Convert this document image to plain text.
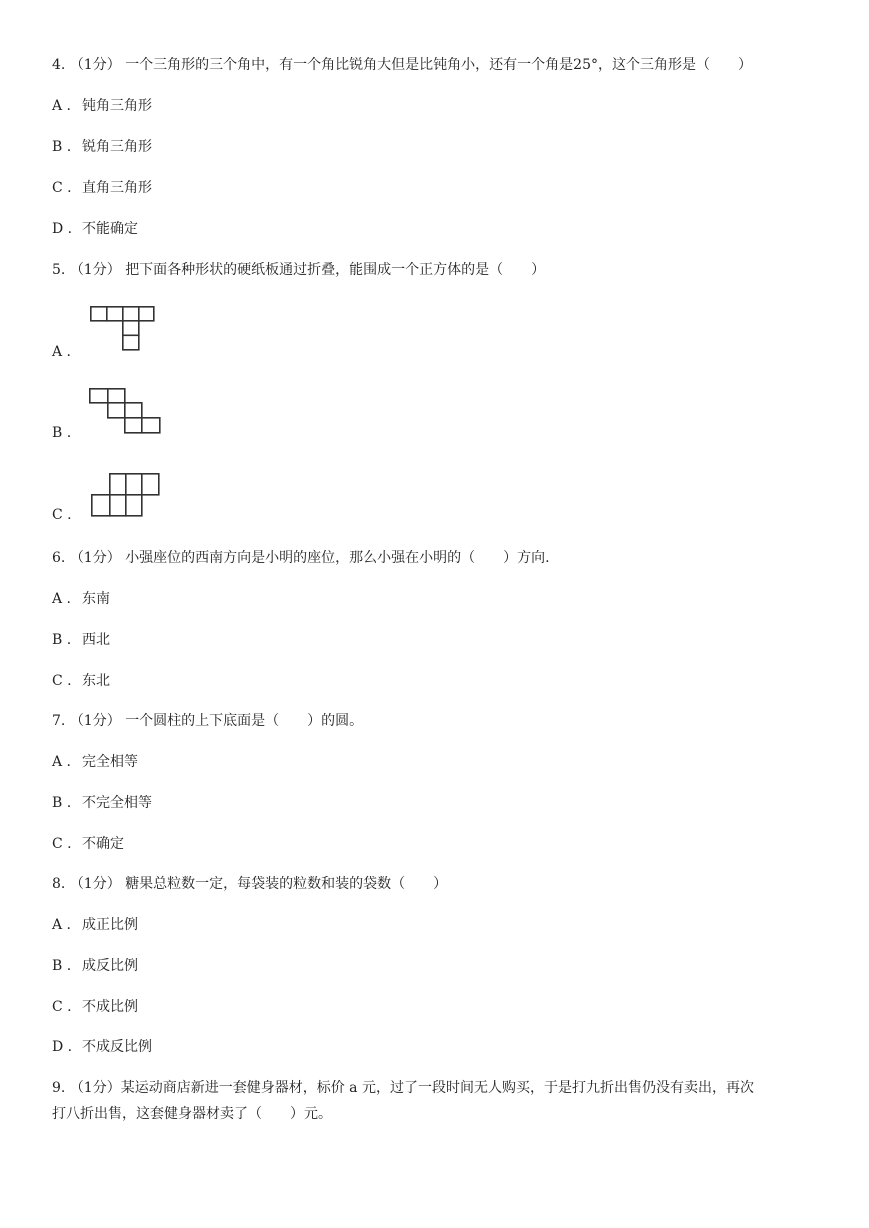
4. （1分） 一个三角形的三个角中，有一个角比锐角大但是比钝角小，还有一个角是25°，这个三角形是（　　）
A . 钝角三角形
B . 锐角三角形
C . 直角三角形
D . 不能确定
5. （1分） 把下面各种形状的硬纸板通过折叠，能围成一个正方体的是（　　）
A .
B .
C .
6. （1分） 小强座位的西南方向是小明的座位，那么小强在小明的（　　）方向.
A . 东南
B . 西北
C . 东北
7. （1分） 一个圆柱的上下底面是（　　）的圆。
A . 完全相等
B . 不完全相等
C . 不确定
8. （1分） 糖果总粒数一定，每袋装的粒数和装的袋数（　　）
A . 成正比例
B . 成反比例
C . 不成比例
D . 不成反比例
9. （1分）某运动商店新进一套健身器材，标价 a 元，过了一段时间无人购买，于是打九折出售仍没有卖出，再次
打八折出售，这套健身器材卖了（　　）元。
